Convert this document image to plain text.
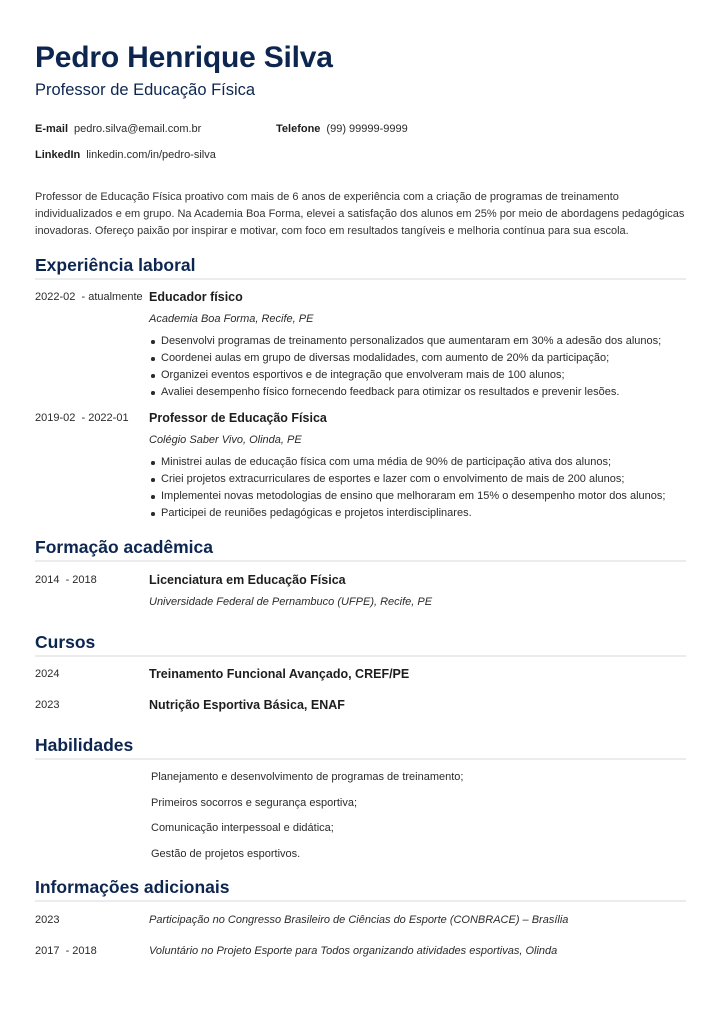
Pedro Henrique Silva
Professor de Educação Física
E-mail pedro.silva@email.com.br	Telefone (99) 99999-9999
LinkedIn linkedin.com/in/pedro-silva
Professor de Educação Física proativo com mais de 6 anos de experiência com a criação de programas de treinamento
individualizados e em grupo. Na Academia Boa Forma, elevei a satisfação dos alunos em 25% por meio de abordagens pedagógicas
inovadoras. Ofereço paixão por inspirar e motivar, com foco em resultados tangíveis e melhoria contínua para sua escola.
Experiência laboral
2022-02  - atualmente Educador físico
Academia Boa Forma, Recife, PE
Desenvolvi programas de treinamento personalizados que aumentaram em 30% a adesão dos alunos;
Coordenei aulas em grupo de diversas modalidades, com aumento de 20% da participação;
Organizei eventos esportivos e de integração que envolveram mais de 100 alunos;
Avaliei desempenho físico fornecendo feedback para otimizar os resultados e prevenir lesões.
2019-02  - 2022-01 Professor de Educação Física
Colégio Saber Vivo, Olinda, PE
Ministrei aulas de educação física com uma média de 90% de participação ativa dos alunos;
Criei projetos extracurriculares de esportes e lazer com o envolvimento de mais de 200 alunos;
Implementei novas metodologias de ensino que melhoraram em 15% o desempenho motor dos alunos;
Participei de reuniões pedagógicas e projetos interdisciplinares.
Formação acadêmica
2014  - 2018	Licenciatura em Educação Física
Universidade Federal de Pernambuco (UFPE), Recife, PE
Cursos
2024	Treinamento Funcional Avançado, CREF/PE
2023	Nutrição Esportiva Básica, ENAF
Habilidades
Planejamento e desenvolvimento de programas de treinamento;
Primeiros socorros e segurança esportiva;
Comunicação interpessoal e didática;
Gestão de projetos esportivos.
Informações adicionais
2023	Participação no Congresso Brasileiro de Ciências do Esporte (CONBRACE) – Brasília
2017  - 2018	Voluntário no Projeto Esporte para Todos organizando atividades esportivas, Olinda
